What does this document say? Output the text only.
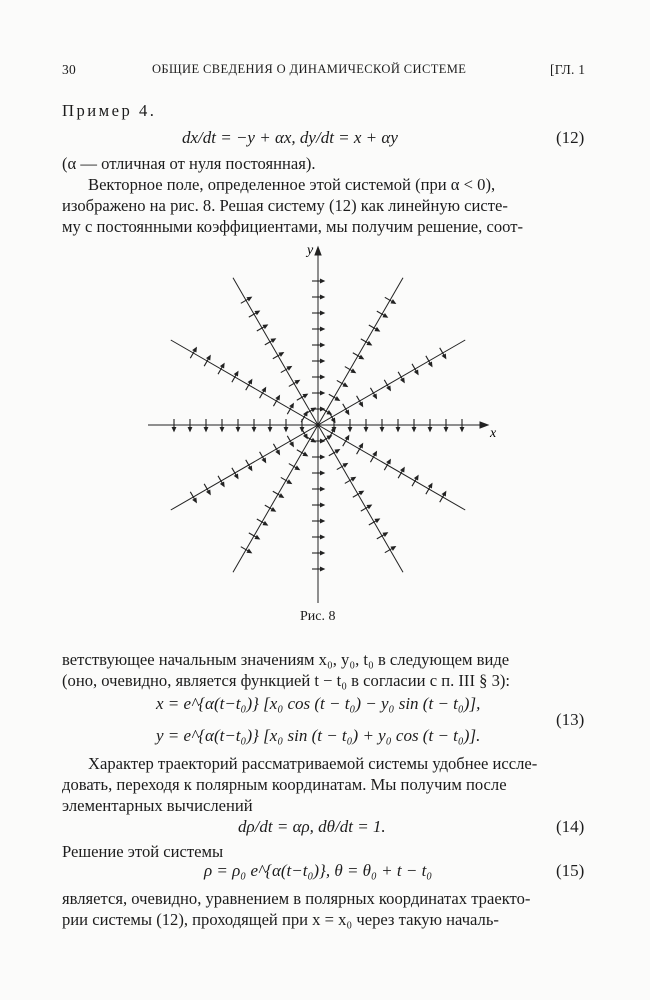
30	ОБЩИЕ СВЕДЕНИЯ О ДИНАМИЧЕСКОЙ СИСТЕМЕ	[ГЛ. 1
Пример 4.
dx/dt = −y + αx, dy/dt = x + αy	(12)
(α — отличная от нуля постоянная).
Векторное поле, определенное этой системой (при α < 0),
изображено на рис. 8. Решая систему (12) как линейную систе-
му с постоянными коэффициентами, мы получим решение, соот-
x
y
Рис. 8
ветствующее начальным значениям x₀, y₀, t₀ в следующем виде
(оно, очевидно, является функцией t − t₀ в согласии с п. III § 3):
x = e^{α(t−t₀)} [x₀ cos (t − t₀) − y₀ sin (t − t₀)],
y = e^{α(t−t₀)} [x₀ sin (t − t₀) + y₀ cos (t − t₀)].
(13)
Характер траекторий рассматриваемой системы удобнее иссле-
довать, переходя к полярным координатам. Мы получим после
элементарных вычислений
dρ/dt = αρ, dθ/dt = 1.	(14)
Решение этой системы
ρ = ρ₀ e^{α(t−t₀)}, θ = θ₀ + t − t₀	(15)
является, очевидно, уравнением в полярных координатах траекто-
рии системы (12), проходящей при x = x₀ через такую началь-
